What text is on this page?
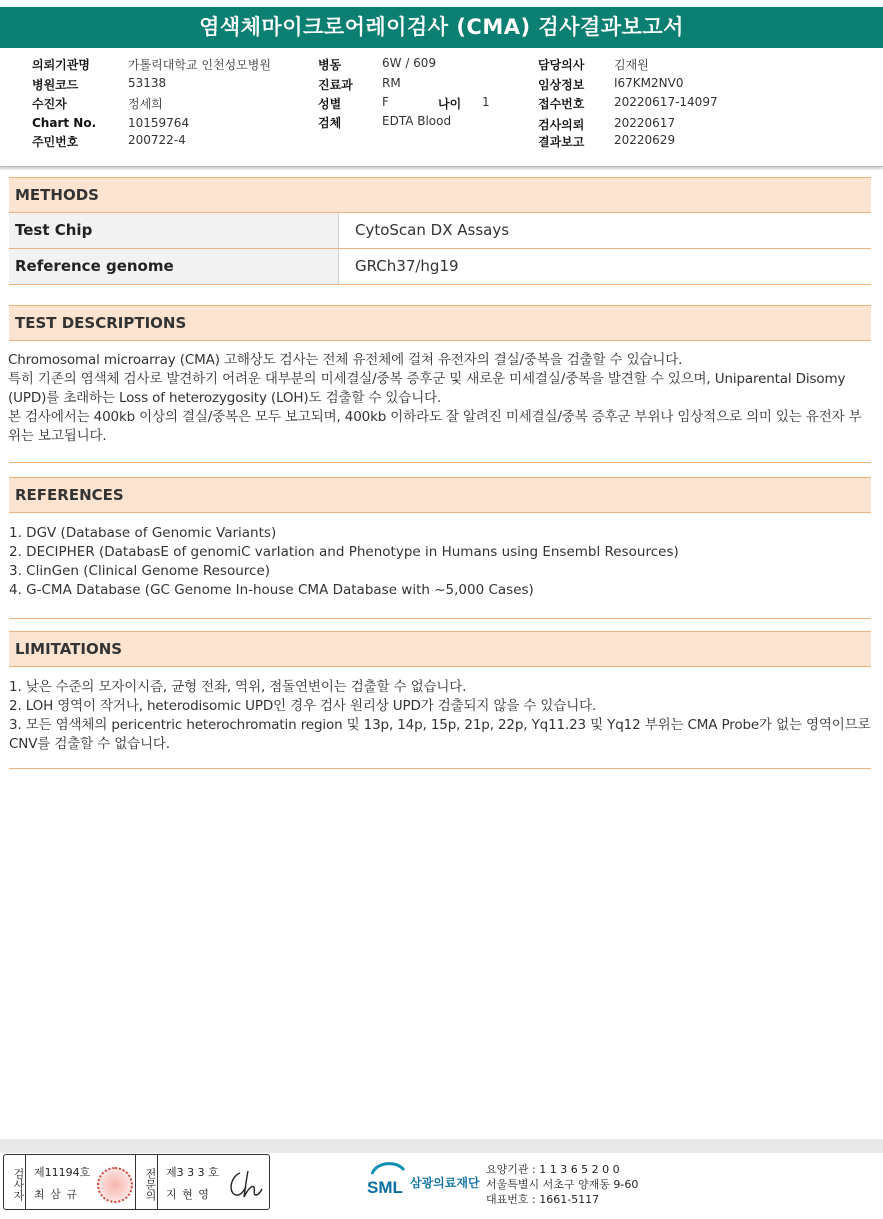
염색체마이크로어레이검사 (CMA) 검사결과보고서
의뢰기관명	가톨릭대학교 인천성모병원
병원코드	53138
수진자	정세희
Chart No.	10159764
주민번호	200722-4
병동	6W / 609
진료과 RM
성별	F	나이 1
검체	EDTA Blood
담당의사 김재원
임상정보 I67KM2NV0
접수번호 20220617-14097
검사의뢰 20220617
결과보고 20220629
METHODS
Test Chip	CytoScan DX Assays
Reference genome	GRCh37/hg19
TEST DESCRIPTIONS

Chromosomal microarray (CMA) 고해상도 검사는 전체 유전체에 걸쳐 유전자의 결실/중복을 검출할 수 있습니다.

특히 기존의 염색체 검사로 발견하기 어려운 대부분의 미세결실/중복 증후군 및 새로운 미세결실/중복을 발견할 수 있으며, Uniparental Disomy (UPD)를 초래하는 Loss of heterozygosity (LOH)도 검출할 수 있습니다.

본 검사에서는 400kb 이상의 결실/중복은 모두 보고되며, 400kb 이하라도 잘 알려진 미세결실/중복 증후군 부위나 임상적으로 의미 있는 유전자 부위는 보고됩니다.

REFERENCES

1. DGV (Database of Genomic Variants)

2. DECIPHER (DatabasE of genomiC varIation and Phenotype in Humans using Ensembl Resources)

3. ClinGen (Clinical Genome Resource)

4. G-CMA Database (GC Genome In-house CMA Database with ~5,000 Cases)

LIMITATIONS

1. 낮은 수준의 모자이시즘, 균형 전좌, 역위, 점돌연변이는 검출할 수 없습니다.

2. LOH 영역이 작거나, heterodisomic UPD인 경우 검사 원리상 UPD가 검출되지 않을 수 있습니다.

3. 모든 염색체의 pericentric heterochromatin region 및 13p, 14p, 15p, 21p, 22p, Yq11.23 및 Yq12 부위는 CMA Probe가 없는 영역이므로 CNV를 검출할 수 없습니다.

검사자 제11194호
최 삼 규	전문의 제3 3 3 호
지 현 영	SML 삼광의료재단
요양기관 : 1 1 3 6 5 2 0 0
서울특별시 서초구 양재동 9-60
대표번호 : 1661-5117
